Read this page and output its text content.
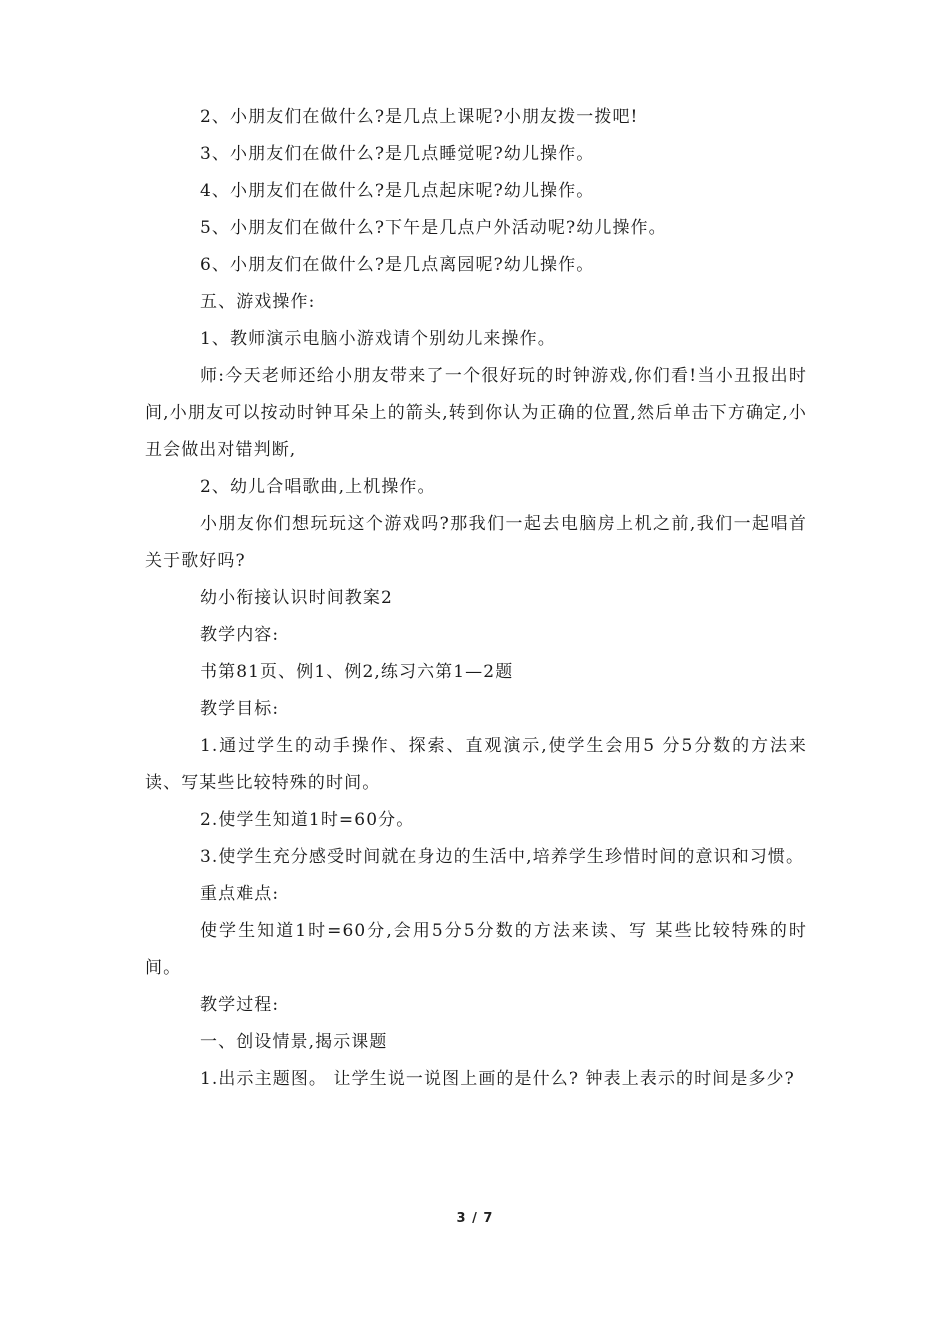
2、小朋友们在做什么?是几点上课呢?小朋友拨一拨吧!

3、小朋友们在做什么?是几点睡觉呢?幼儿操作。

4、小朋友们在做什么?是几点起床呢?幼儿操作。

5、小朋友们在做什么?下午是几点户外活动呢?幼儿操作。

6、小朋友们在做什么?是几点离园呢?幼儿操作。

五、游戏操作:

1、教师演示电脑小游戏请个别幼儿来操作。

师:今天老师还给小朋友带来了一个很好玩的时钟游戏,你们看!当小丑报出时间,小朋友可以按动时钟耳朵上的箭头,转到你认为正确的位置,然后单击下方确定,小丑会做出对错判断,

2、幼儿合唱歌曲,上机操作。

小朋友你们想玩玩这个游戏吗?那我们一起去电脑房上机之前,我们一起唱首关于歌好吗?

幼小衔接认识时间教案2

教学内容:

书第81页、例1、例2,练习六第1—2题

教学目标:

1.通过学生的动手操作、探索、直观演示,使学生会用5 分5分数的方法来读、写某些比较特殊的时间。

2.使学生知道1时=60分。

3.使学生充分感受时间就在身边的生活中,培养学生珍惜时间的意识和习惯。

重点难点:

使学生知道1时=60分,会用5分5分数的方法来读、写 某些比较特殊的时间。

教学过程:

一、创设情景,揭示课题

1.出示主题图。 让学生说一说图上画的是什么? 钟表上表示的时间是多少?

3 / 7
